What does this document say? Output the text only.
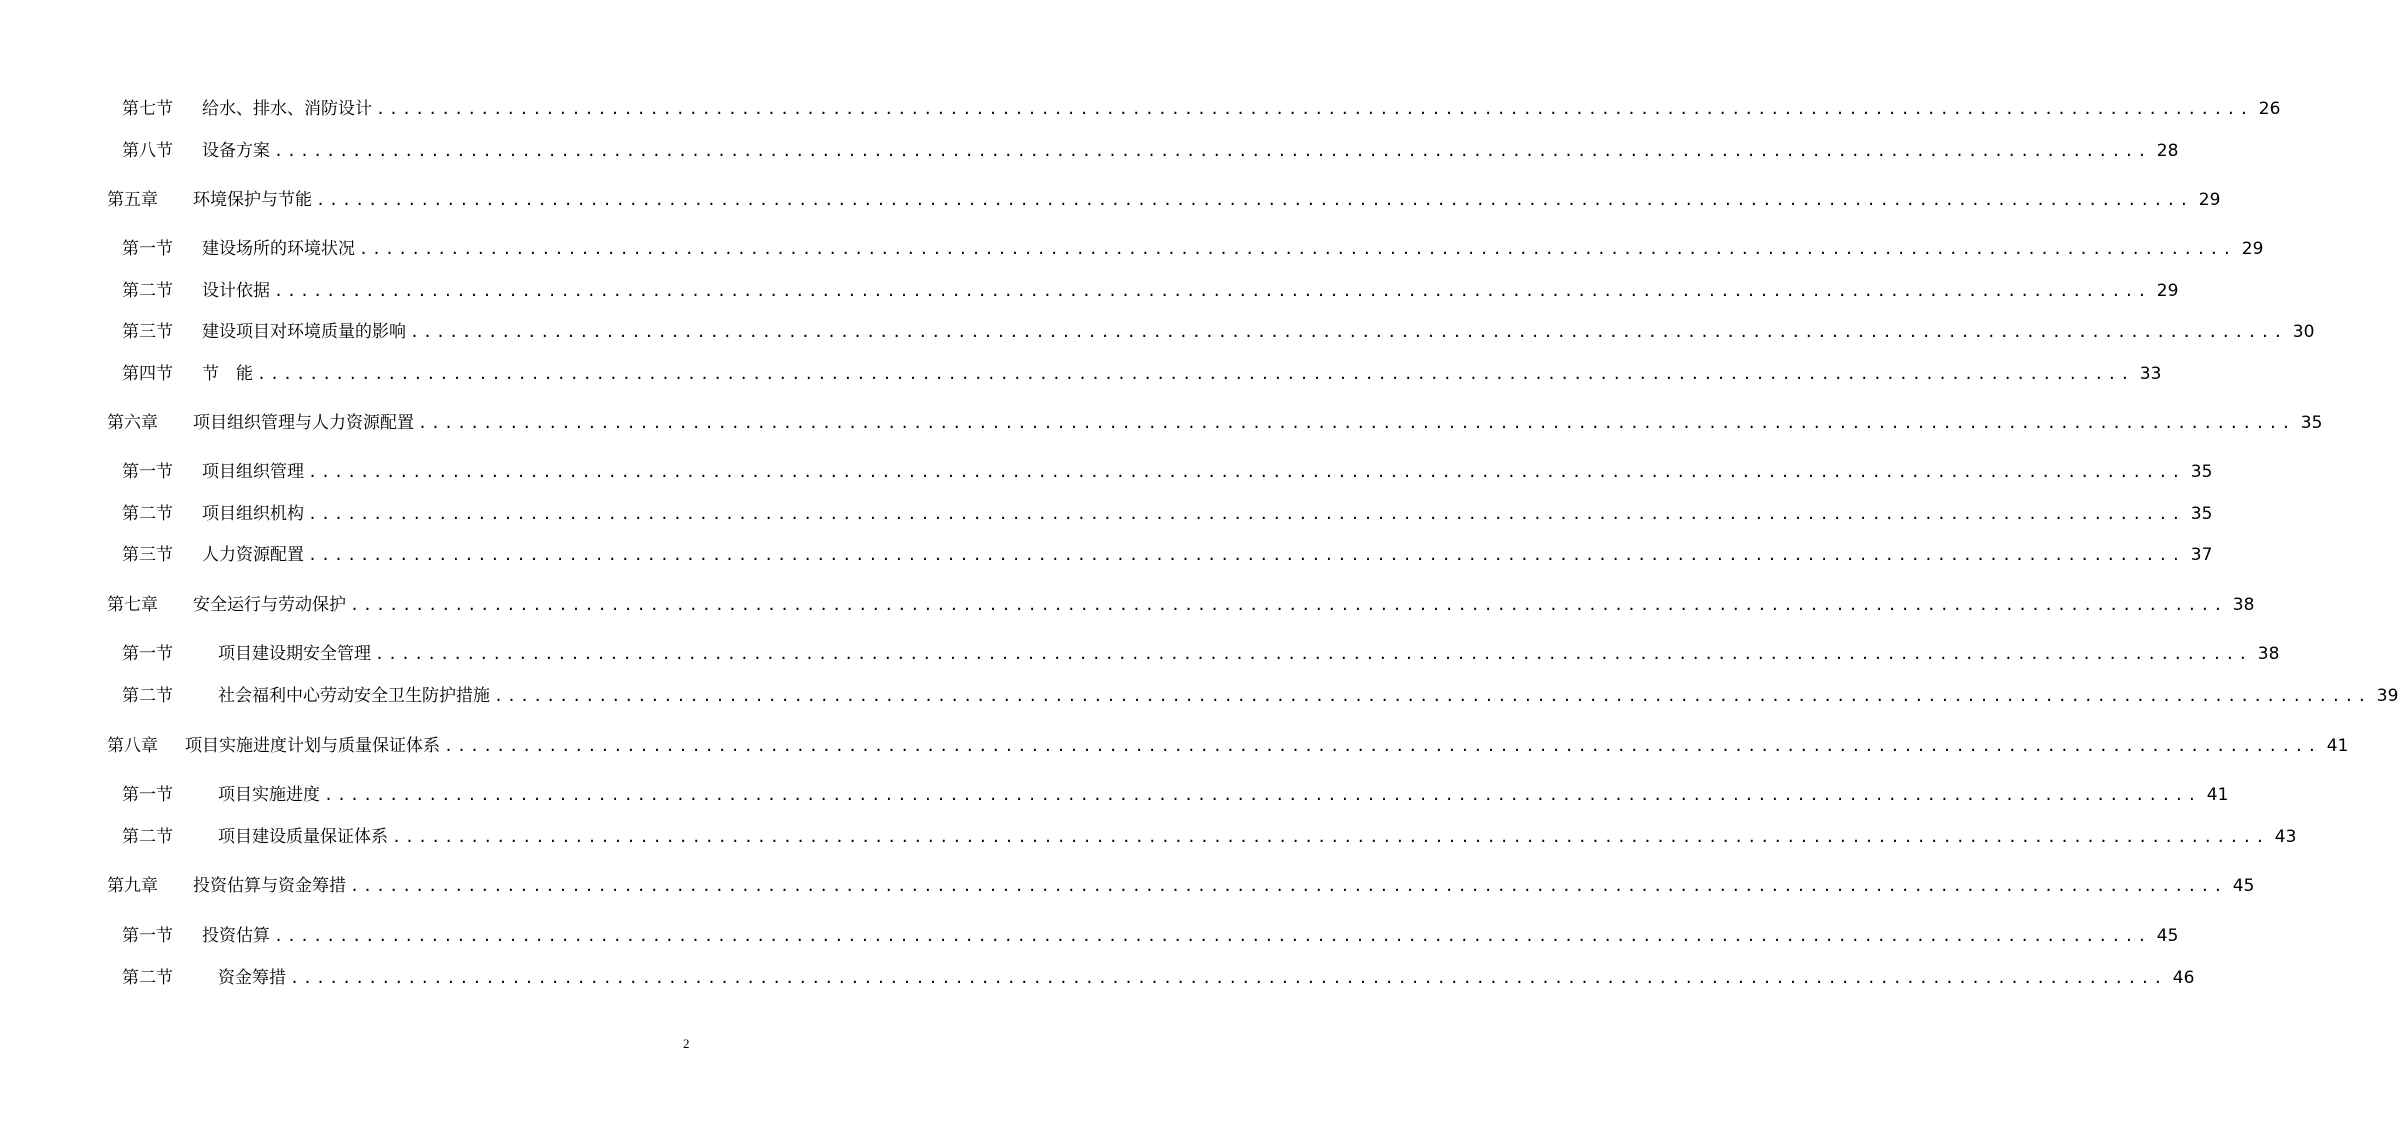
第七节	给水、排水、消防设计 .....	26
第八节	设备方案 .....	28
第五章	环境保护与节能 .....	29
第一节	建设场所的环境状况 .....	29
第二节	设计依据 .....	29
第三节	建设项目对环境质量的影响 .....	30
第四节	节　能 .....	33
第六章	项目组织管理与人力资源配置 .....	35
第一节	项目组织管理 .....	35
第二节	项目组织机构 .....	35
第三节	人力资源配置 .....	37
第七章	安全运行与劳动保护 .....	38
第一节	项目建设期安全管理 .....	38
第二节	社会福利中心劳动安全卫生防护措施 .....	39
第八章	项目实施进度计划与质量保证体系 .....	41
第一节	项目实施进度 .....	41
第二节	项目建设质量保证体系 .....	43
第九章	投资估算与资金筹措 .....	45
第一节	投资估算 .....	45
第二节	资金筹措 .....	46
2
